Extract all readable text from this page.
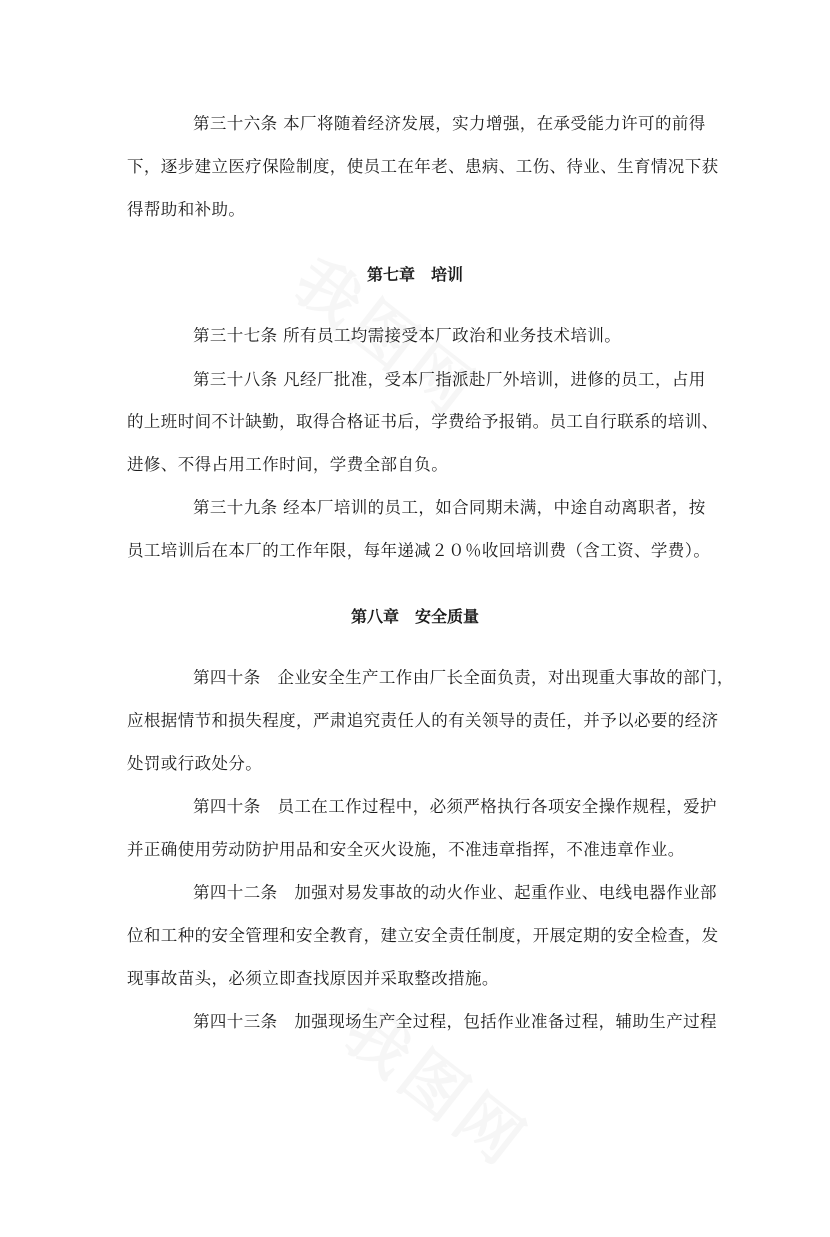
第三十六条 本厂将随着经济发展，实力增强，在承受能力许可的前得
下，逐步建立医疗保险制度，使员工在年老、患病、工伤、待业、生育情况下获
得帮助和补助。
第七章　培训
第三十七条 所有员工均需接受本厂政治和业务技术培训。
第三十八条 凡经厂批准，受本厂指派赴厂外培训，进修的员工，占用
的上班时间不计缺勤，取得合格证书后，学费给予报销。员工自行联系的培训、
进修、不得占用工作时间，学费全部自负。
第三十九条 经本厂培训的员工，如合同期未满，中途自动离职者，按
员工培训后在本厂的工作年限，每年递减２０％收回培训费（含工资、学费）。
第八章　安全质量
第四十条　企业安全生产工作由厂长全面负责，对出现重大事故的部门，
应根据情节和损失程度，严肃追究责任人的有关领导的责任，并予以必要的经济
处罚或行政处分。
第四十条　员工在工作过程中，必须严格执行各项安全操作规程，爱护
并正确使用劳动防护用品和安全灭火设施，不准违章指挥，不准违章作业。
第四十二条　加强对易发事故的动火作业、起重作业、电线电器作业部
位和工种的安全管理和安全教育，建立安全责任制度，开展定期的安全检查，发
现事故苗头，必须立即查找原因并采取整改措施。
第四十三条　加强现场生产全过程，包括作业准备过程，辅助生产过程
